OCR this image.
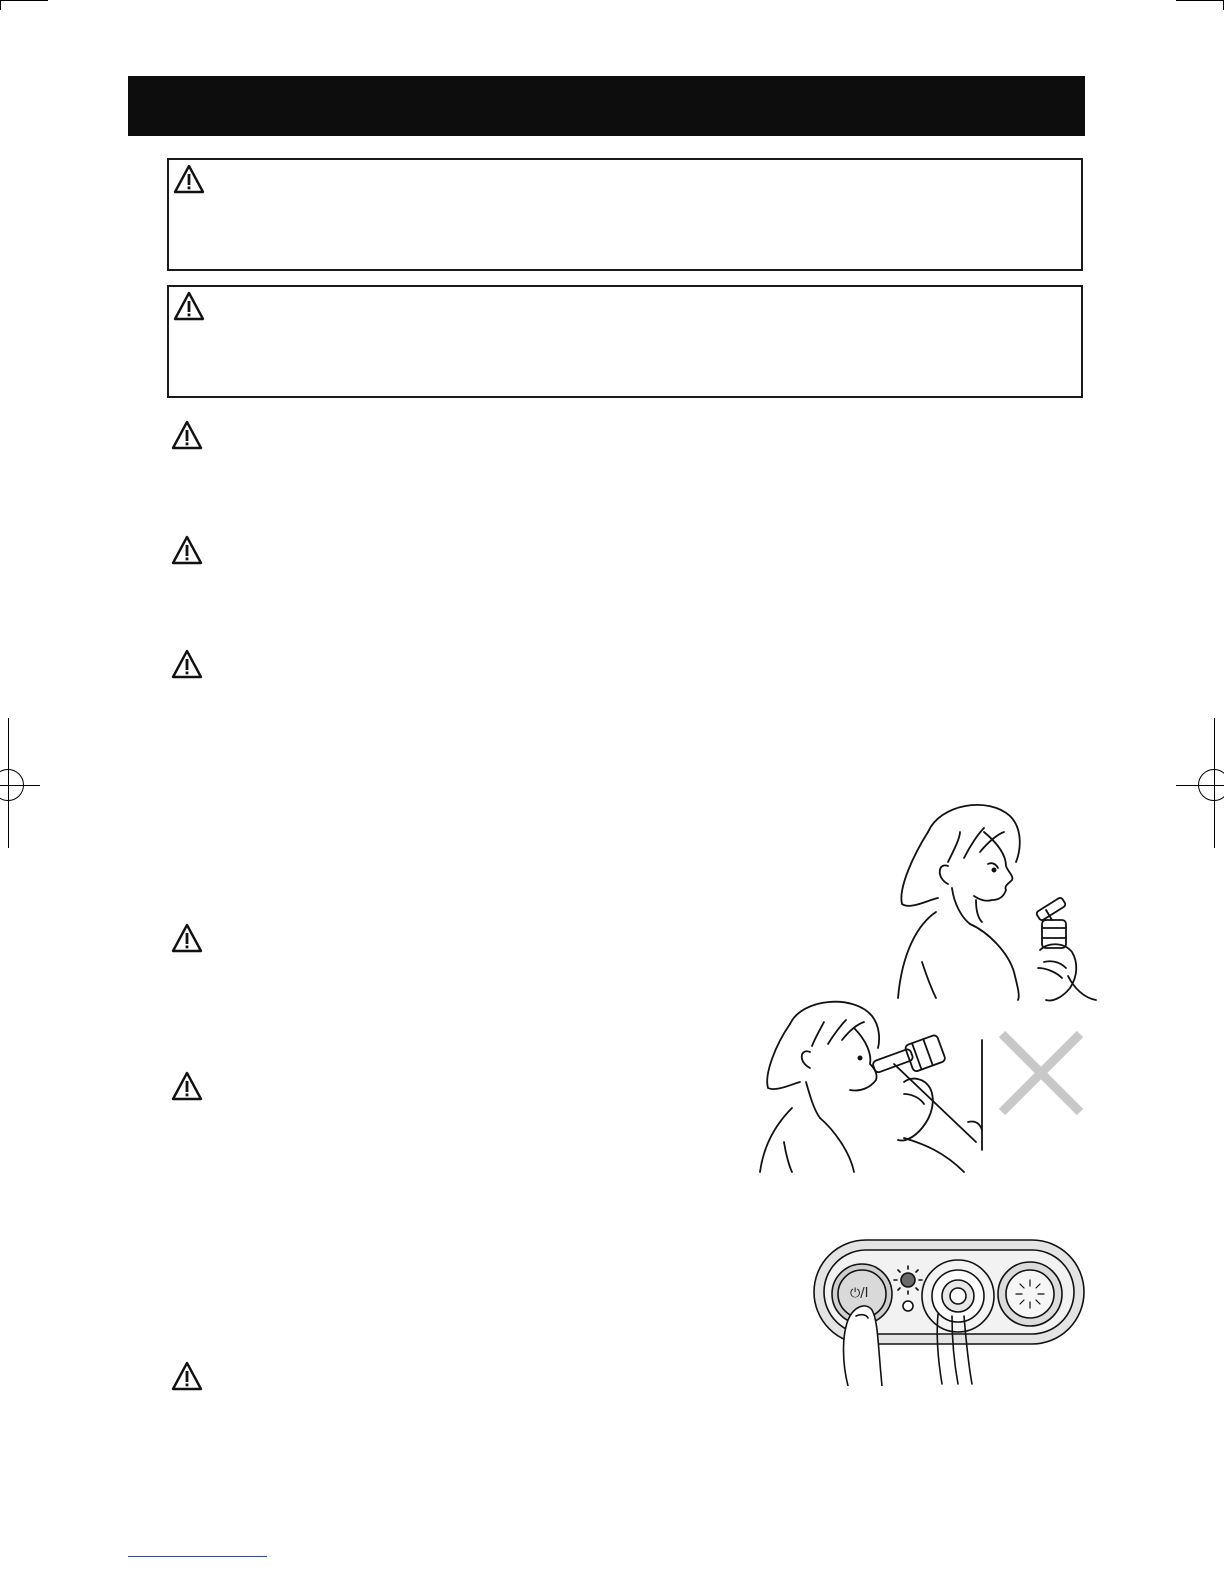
⏻/I
